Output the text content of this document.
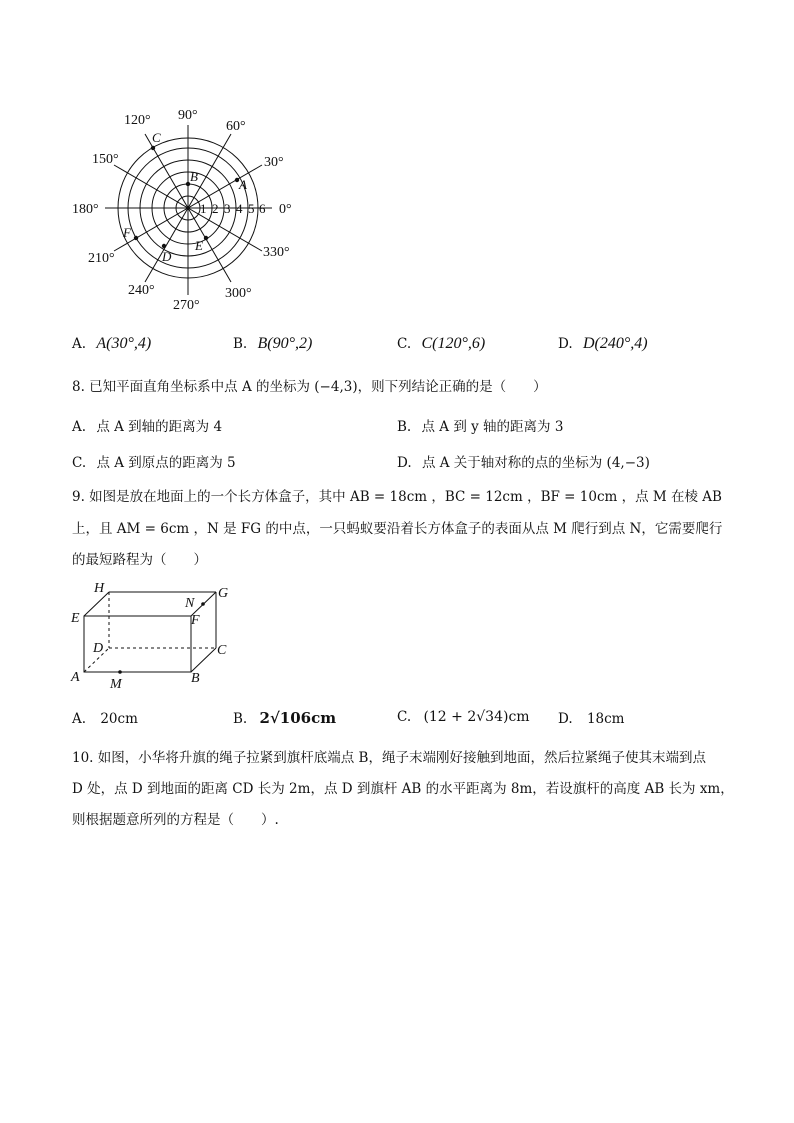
90°
60°
30°
0°
330°
300°
270°
240°
210°
180°
150°
120°
1 2 3 4 5 6
A
B
C
D
E
F
A. A(30°,4)	B. B(90°,2)	C. C(120°,6)	D. D(240°,4)
8. 已知平面直角坐标系中点 A 的坐标为 (−4,3)，则下列结论正确的是（　　）
A. 点 A 到轴的距离为 4	B. 点 A 到 y 轴的距离为 3
C. 点 A 到原点的距离为 5	D. 点 A 关于轴对称的点的坐标为 (4,−3)
9. 如图是放在地面上的一个长方体盒子，其中 AB = 18cm ，BC = 12cm ，BF = 10cm ，点 M 在棱 AB
上，且 AM = 6cm ，N 是 FG 的中点，一只蚂蚁要沿着长方体盒子的表面从点 M 爬行到点 N，它需要爬行
的最短路程为（　　）
H	G
E	F
N
D	C
A M	B
A. 20cm	B. 2√106cm	C. (12 + 2√34)cm D. 18cm
10. 如图，小华将升旗的绳子拉紧到旗杆底端点 B，绳子末端刚好接触到地面，然后拉紧绳子使其末端到点
D 处，点 D 到地面的距离 CD 长为 2m，点 D 到旗杆 AB 的水平距离为 8m，若设旗杆的高度 AB 长为 xm，
则根据题意所列的方程是（　　）.
